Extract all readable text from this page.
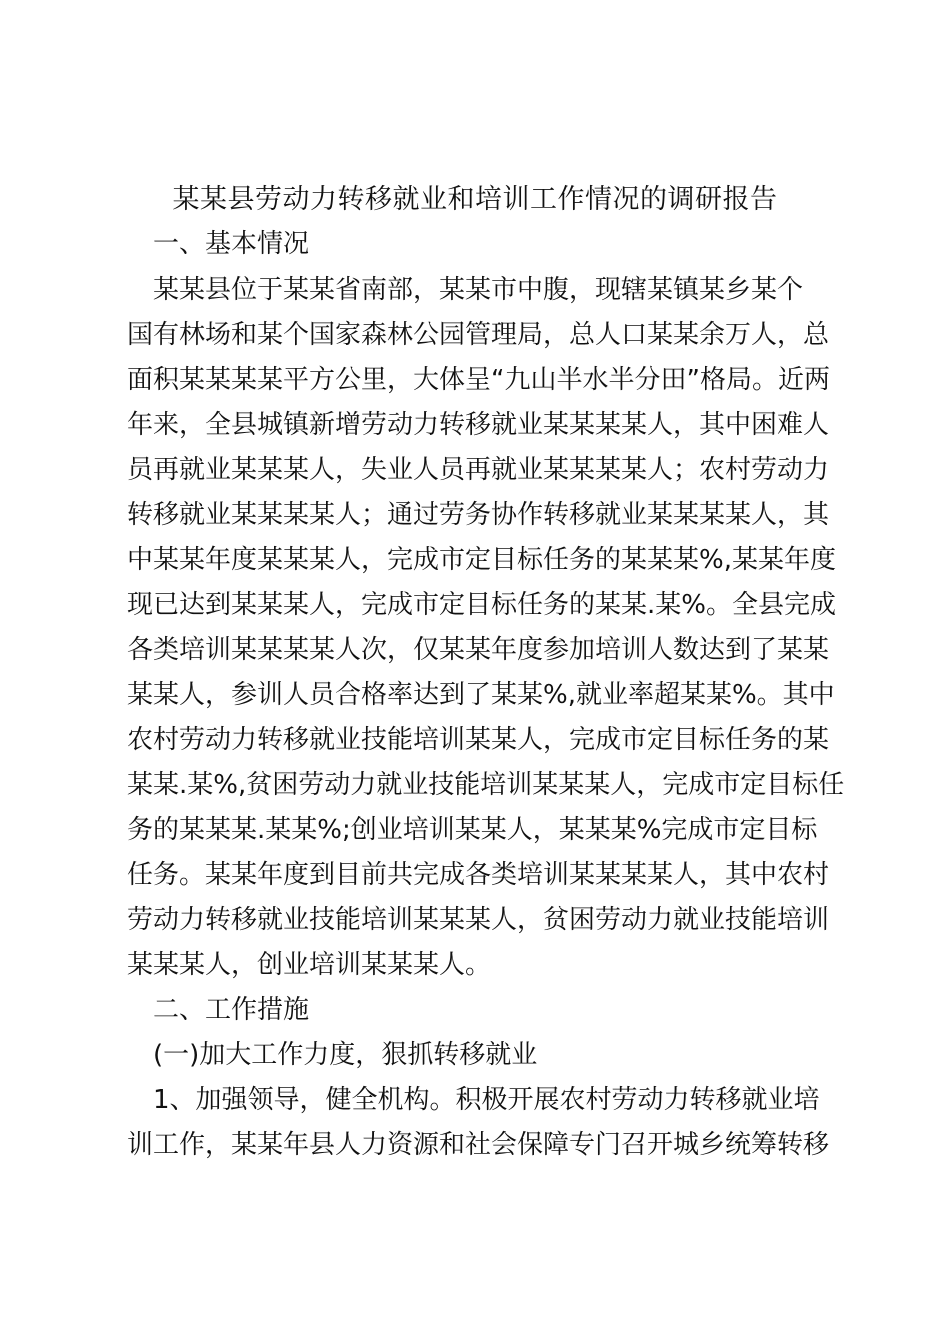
某某县劳动力转移就业和培训工作情况的调研报告
　一、基本情况
　某某县位于某某省南部，某某市中腹，现辖某镇某乡某个
国有林场和某个国家森林公园管理局，总人口某某余万人，总
面积某某某某平方公里，大体呈“九山半水半分田”格局。近两
年来，全县城镇新增劳动力转移就业某某某某人，其中困难人
员再就业某某某人，失业人员再就业某某某某人；农村劳动力
转移就业某某某某人；通过劳务协作转移就业某某某某人，其
中某某年度某某某人，完成市定目标任务的某某某%,某某年度
现已达到某某某人，完成市定目标任务的某某.某%。全县完成
各类培训某某某某人次，仅某某年度参加培训人数达到了某某
某某人，参训人员合格率达到了某某%,就业率超某某%。其中
农村劳动力转移就业技能培训某某人，完成市定目标任务的某
某某.某%,贫困劳动力就业技能培训某某某人，完成市定目标任
务的某某某.某某%;创业培训某某人，某某某%完成市定目标
任务。某某年度到目前共完成各类培训某某某某人，其中农村
劳动力转移就业技能培训某某某人，贫困劳动力就业技能培训
某某某人，创业培训某某某人。
　二、工作措施
　(一)加大工作力度，狠抓转移就业
　1、加强领导，健全机构。积极开展农村劳动力转移就业培
训工作，某某年县人力资源和社会保障专门召开城乡统筹转移
